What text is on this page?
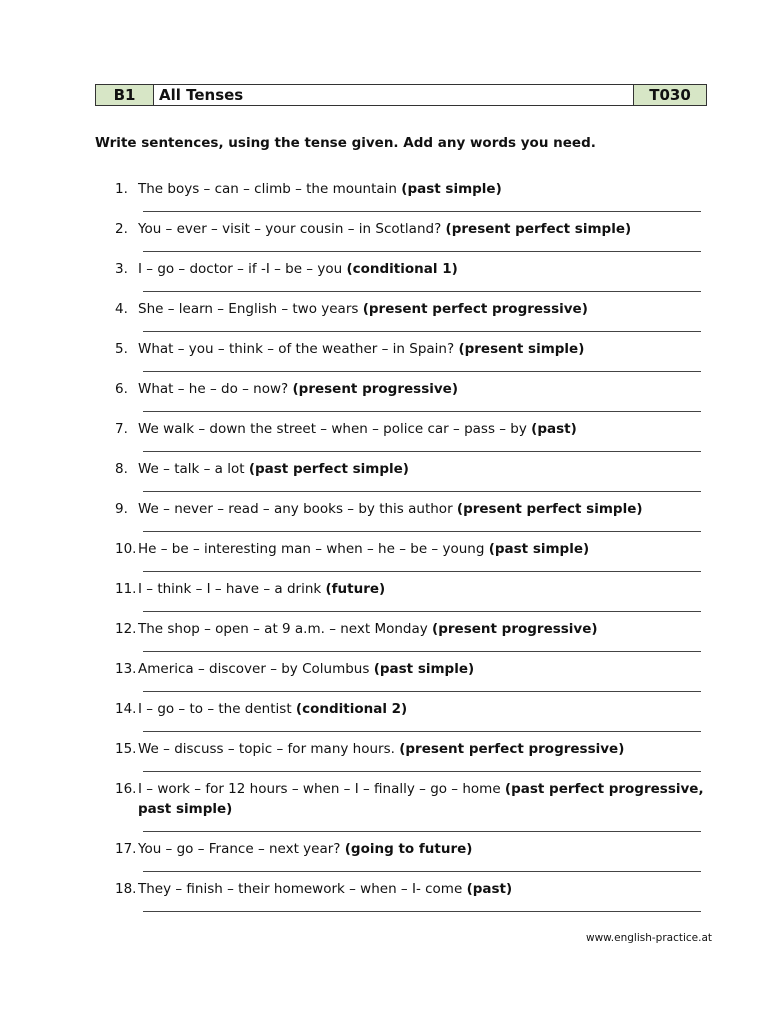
B1	All Tenses	T030
Write sentences, using the tense given. Add any words you need.
1. The boys – can – climb – the mountain (past simple)
2. You – ever – visit – your cousin – in Scotland? (present perfect simple)
3. I – go – doctor – if -I – be – you (conditional 1)
4. She – learn – English – two years (present perfect progressive)
5. What – you – think – of the weather – in Spain? (present simple)
6. What – he – do – now? (present progressive)
7. We walk – down the street – when – police car – pass – by (past)
8. We – talk – a lot (past perfect simple)
9. We – never – read – any books – by this author (present perfect simple)
10. He – be – interesting man – when – he – be – young (past simple)
11. I – think – I – have – a drink (future)
12. The shop – open – at 9 a.m. – next Monday (present progressive)
13. America – discover – by Columbus (past simple)
14. I – go – to – the dentist (conditional 2)
15. We – discuss – topic – for many hours. (present perfect progressive)
16. I – work – for 12 hours – when – I – finally – go – home (past perfect progressive, past simple)
17. You – go – France – next year? (going to future)
18. They – finish – their homework – when – I- come (past)
www.english-practice.at
